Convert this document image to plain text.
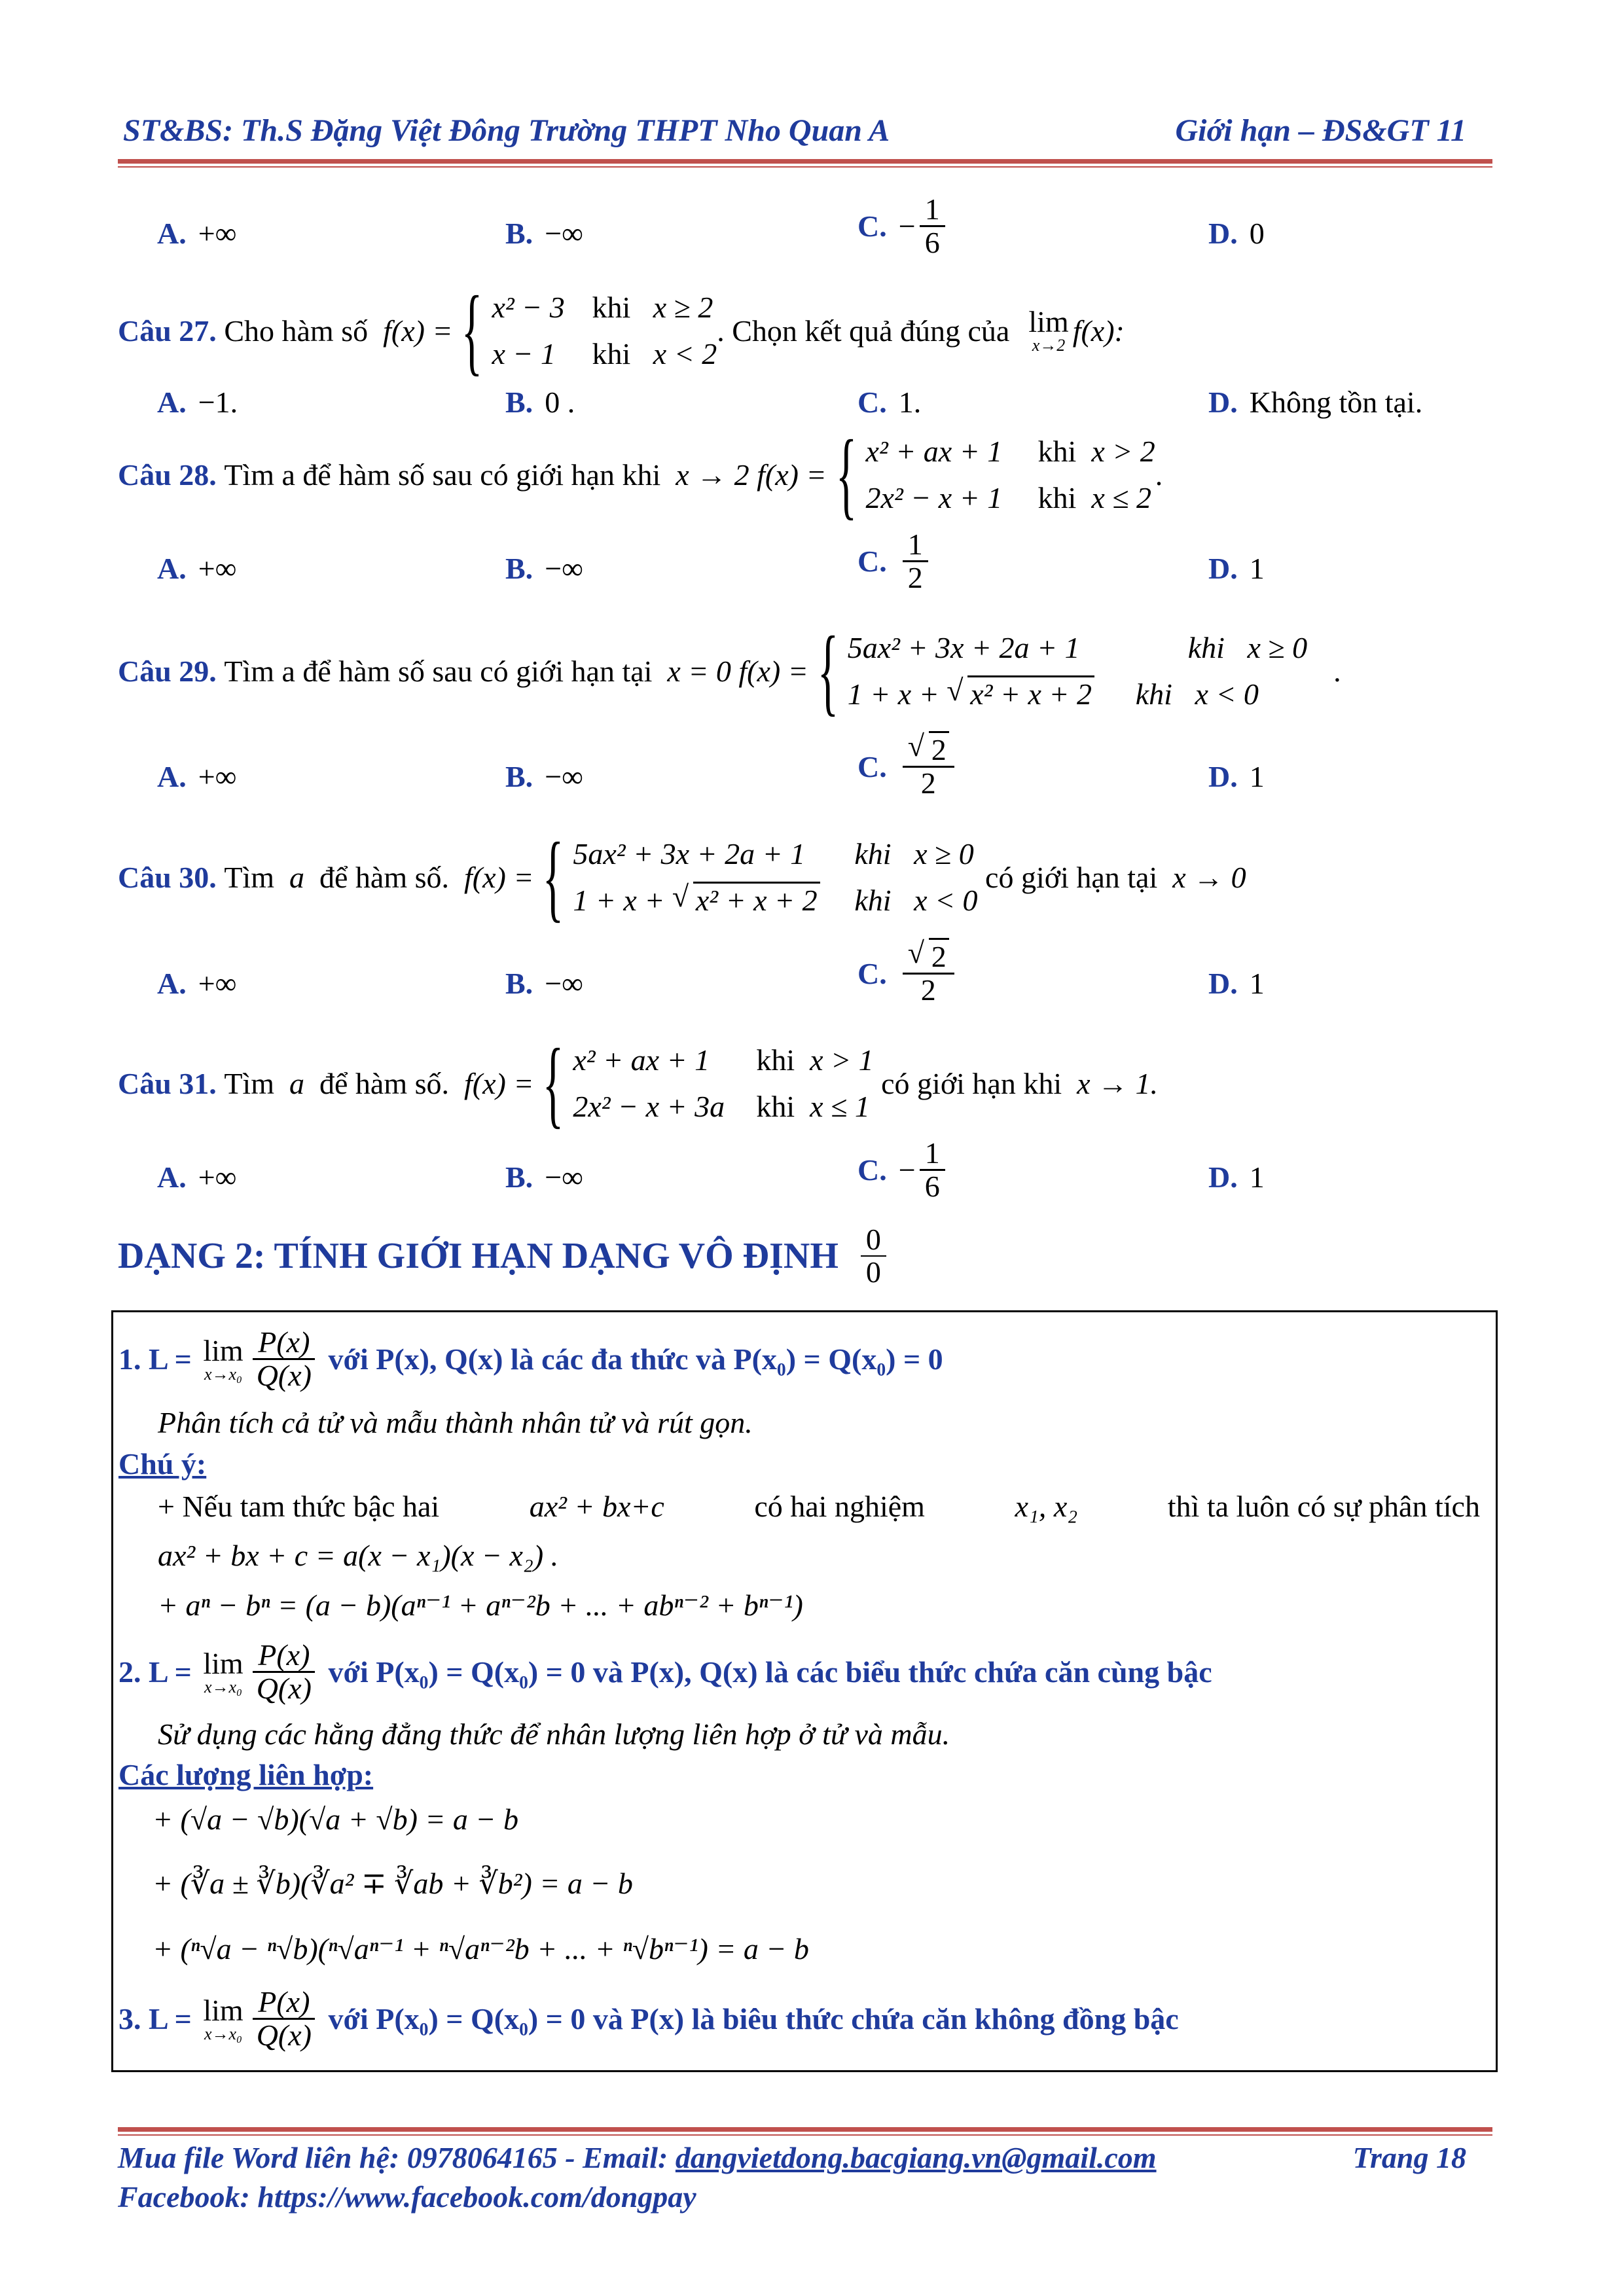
ST&BS: Th.S Đặng Việt Đông Trường THPT Nho Quan A	Giới hạn – ĐS&GT 11
A. +∞	B. −∞	C. − $\frac{1}{6}$	D. 0
Câu 27.
Cho hàm số
f(x) = { x² − 3 khi x ≥ 2
x − 1 khi x < 2
. Chọn kết quả đúng của
lim
x→2 f(x):
A. −1.	B. 0 .	C. 1.	D. Không tồn tại.
Câu 28.
Tìm a để hàm số sau có giới hạn khi
x → 2
f(x) = { x² + ax + 1 khi x > 2
2x² − x + 1 khi x ≤ 2
.
A. +∞	B. −∞	C. $\frac{1}{2}$	D. 1
Câu 29.
Tìm a để hàm số sau có giới hạn tại
x = 0
f(x) = { 5ax² + 3x + 2a + 1	khi x ≥ 0
1 + x + √ x² + x + 2 khi x < 0
.
A. +∞	B. −∞	C. √ $\frac{2}{2}$	D. 1
Câu 30.
Tìm
a
để hàm số.
f(x) = { 5ax² + 3x + 2a + 1 khi x ≥ 0
1 + x + √ x² + x + 2 khi x < 0

có giới hạn tại
x → 0
A. +∞	B. −∞	C. √ $\frac{2}{2}$	D. 1
Câu 31.
Tìm
a
để hàm số.
f(x) = { x² + ax + 1 khi x > 1
2x² − x + 3a khi x ≤ 1

có giới hạn khi
x → 1.
A. +∞	B. −∞	C. − $\frac{1}{6}$	D. 1
DẠNG 2: TÍNH GIỚI HẠN DẠNG VÔ ĐỊNH
$\frac{0}{0}$
1. L =
lim
$x\to x_0 \frac{P(x)}{Q(x)}$
với P(x), Q(x) là các đa thức và P(x₀) = Q(x₀) = 0
Phân tích cả tử và mẫu thành nhân tử và rút gọn.
Chú ý:
+ Nếu tam thức bậc hai	ax² + bx+c	có hai nghiệm	x₁, x₂	thì ta luôn có sự phân tích
ax² + bx + c = a(x − x₁)(x − x₂) .
+ aⁿ − bⁿ = (a − b)(aⁿ⁻¹ + aⁿ⁻²b + ... + abⁿ⁻² + bⁿ⁻¹)
2. L =
lim
$x\to x_0 \frac{P(x)}{Q(x)}$
với P(x₀) = Q(x₀) = 0 và P(x), Q(x) là các biểu thức chứa căn cùng bậc
Sử dụng các hằng đẳng thức để nhân lượng liên hợp ở tử và mẫu.
Các lượng liên hợp:
+ (√a − √b)(√a + √b) = a − b
+ (∛a ± ∛b)(∛a² ∓ ∛ab + ∛b²) = a − b
+ (ⁿ√a − ⁿ√b)(ⁿ√aⁿ⁻¹ + ⁿ√aⁿ⁻²b + ... + ⁿ√bⁿ⁻¹) = a − b
3. L =
lim
$x\to x_0 \frac{P(x)}{Q(x)}$
với P(x₀) = Q(x₀) = 0 và P(x) là biêu thức chứa căn không đồng bậc
Mua file Word liên hệ: 0978064165 - Email: dangvietdong.bacgiang.vn@gmail.com	Trang 18
Facebook: https://www.facebook.com/dongpay
